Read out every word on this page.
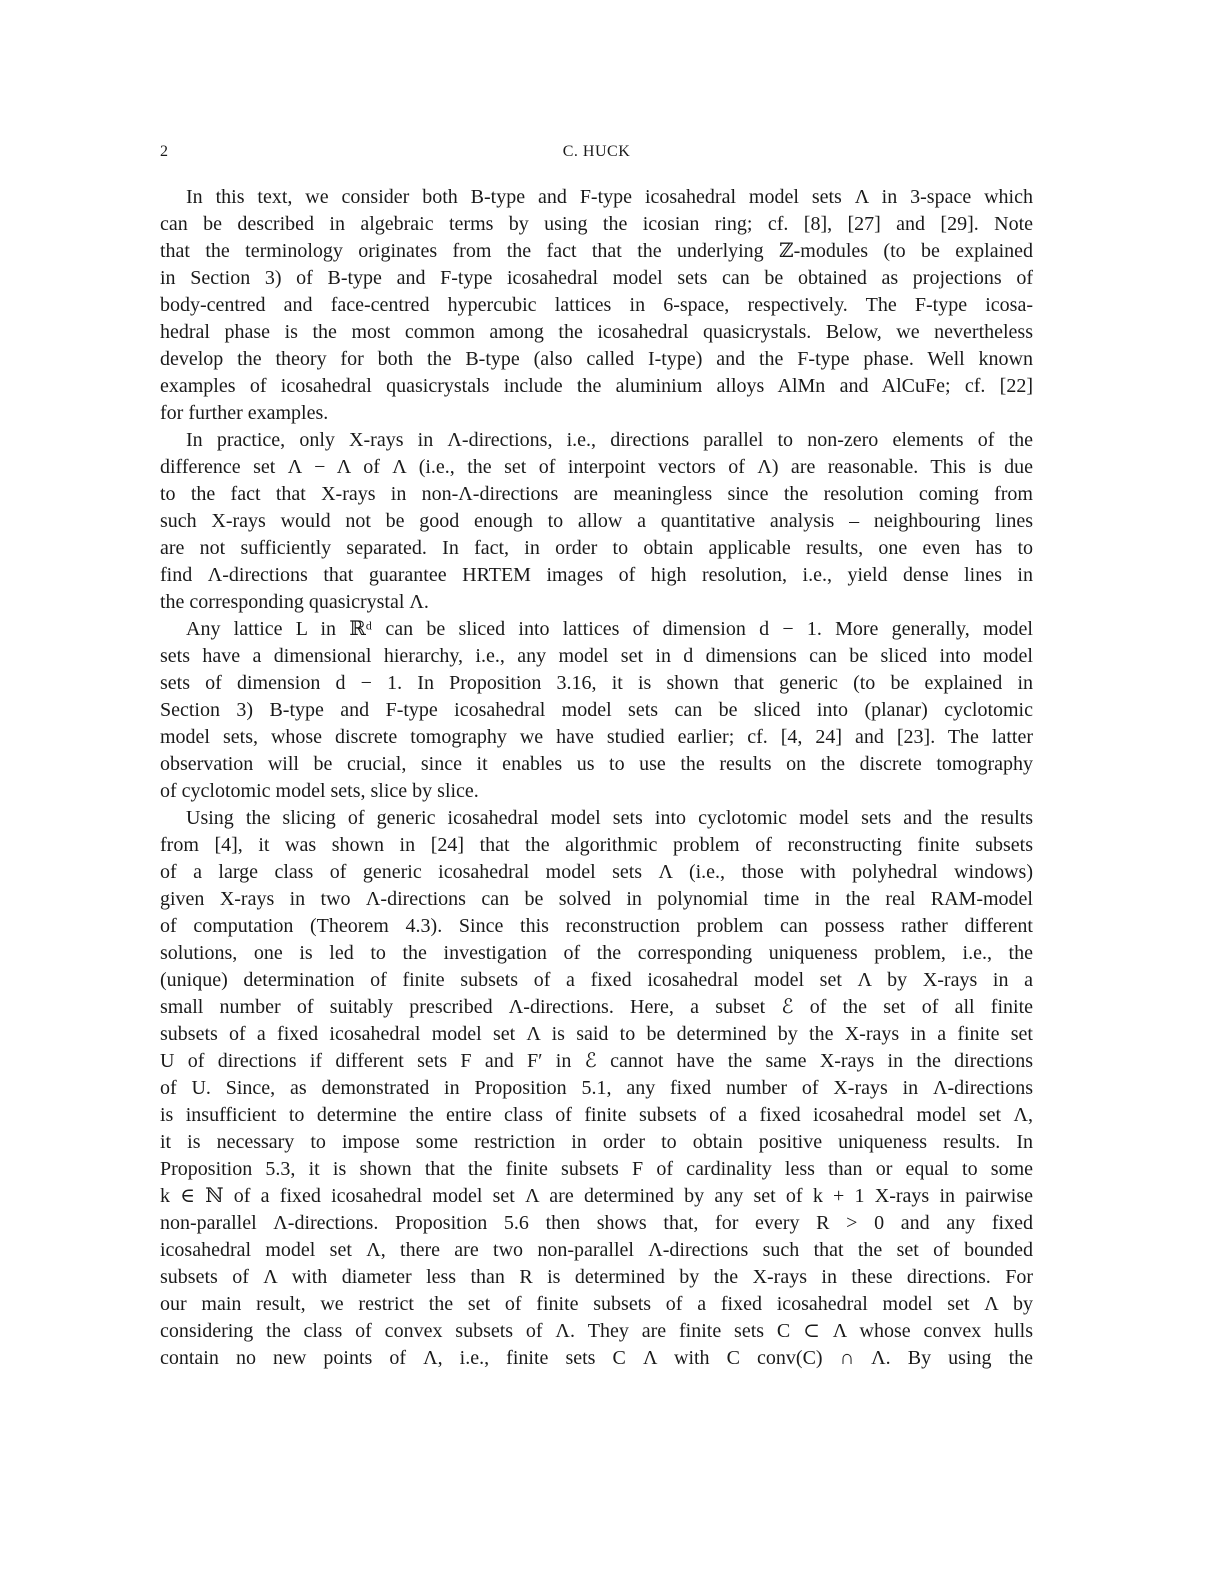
2	C. HUCK
In this text, we consider both B-type and F-type icosahedral model sets Λ in 3-space which
can be described in algebraic terms by using the icosian ring; cf. [8], [27] and [29]. Note
that the terminology originates from the fact that the underlying ℤ-modules (to be explained
in Section 3) of B-type and F-type icosahedral model sets can be obtained as projections of
body-centred and face-centred hypercubic lattices in 6-space, respectively. The F-type icosa-
hedral phase is the most common among the icosahedral quasicrystals. Below, we nevertheless
develop the theory for both the B-type (also called I-type) and the F-type phase. Well known
examples of icosahedral quasicrystals include the aluminium alloys AlMn and AlCuFe; cf. [22]
for further examples.
In practice, only X-rays in Λ-directions, i.e., directions parallel to non-zero elements of the
difference set Λ − Λ of Λ (i.e., the set of interpoint vectors of Λ) are reasonable. This is due
to the fact that X-rays in non-Λ-directions are meaningless since the resolution coming from
such X-rays would not be good enough to allow a quantitative analysis – neighbouring lines
are not sufficiently separated. In fact, in order to obtain applicable results, one even has to
find Λ-directions that guarantee HRTEM images of high resolution, i.e., yield dense lines in
the corresponding quasicrystal Λ.
Any lattice L in ℝᵈ can be sliced into lattices of dimension d − 1. More generally, model
sets have a dimensional hierarchy, i.e., any model set in d dimensions can be sliced into model
sets of dimension d − 1. In Proposition 3.16, it is shown that generic (to be explained in
Section 3) B-type and F-type icosahedral model sets can be sliced into (planar) cyclotomic
model sets, whose discrete tomography we have studied earlier; cf. [4, 24] and [23]. The latter
observation will be crucial, since it enables us to use the results on the discrete tomography
of cyclotomic model sets, slice by slice.
Using the slicing of generic icosahedral model sets into cyclotomic model sets and the results
from [4], it was shown in [24] that the algorithmic problem of reconstructing finite subsets
of a large class of generic icosahedral model sets Λ (i.e., those with polyhedral windows)
given X-rays in two Λ-directions can be solved in polynomial time in the real RAM-model
of computation (Theorem 4.3). Since this reconstruction problem can possess rather different
solutions, one is led to the investigation of the corresponding uniqueness problem, i.e., the
(unique) determination of finite subsets of a fixed icosahedral model set Λ by X-rays in a
small number of suitably prescribed Λ-directions. Here, a subset ℰ of the set of all finite
subsets of a fixed icosahedral model set Λ is said to be determined by the X-rays in a finite set
U of directions if different sets F and F′ in ℰ cannot have the same X-rays in the directions
of U. Since, as demonstrated in Proposition 5.1, any fixed number of X-rays in Λ-directions
is insufficient to determine the entire class of finite subsets of a fixed icosahedral model set Λ,
it is necessary to impose some restriction in order to obtain positive uniqueness results. In
Proposition 5.3, it is shown that the finite subsets F of cardinality less than or equal to some
k ∈ ℕ of a fixed icosahedral model set Λ are determined by any set of k + 1 X-rays in pairwise
non-parallel Λ-directions. Proposition 5.6 then shows that, for every R > 0 and any fixed
icosahedral model set Λ, there are two non-parallel Λ-directions such that the set of bounded
subsets of Λ with diameter less than R is determined by the X-rays in these directions. For
our main result, we restrict the set of finite subsets of a fixed icosahedral model set Λ by
considering the class of convex subsets of Λ. They are finite sets C ⊂ Λ whose convex hulls
contain no new points of Λ, i.e., finite sets C Λ with C conv(C) ∩ Λ. By using the
